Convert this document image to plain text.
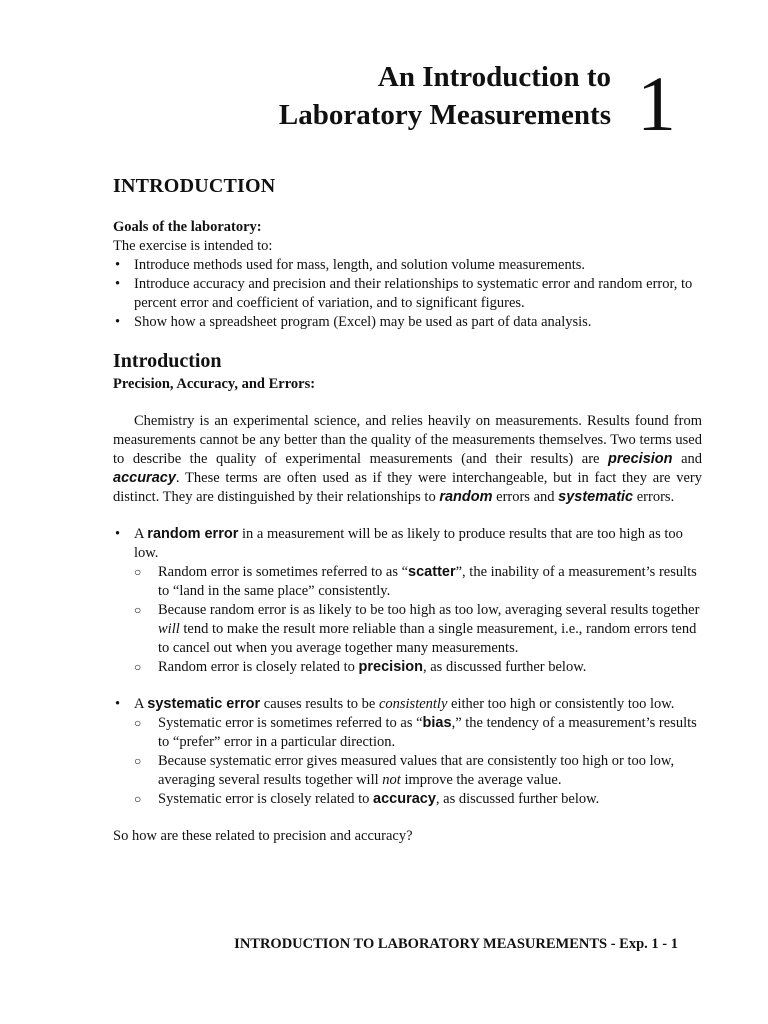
An Introduction to
Laboratory Measurements 1
INTRODUCTION
Goals of the laboratory:
The exercise is intended to:
• Introduce methods used for mass, length, and solution volume measurements.
• Introduce accuracy and precision and their relationships to systematic error and random error, to percent error and coefficient of variation, and to significant figures.
• Show how a spreadsheet program (Excel) may be used as part of data analysis.
Introduction
Precision, Accuracy, and Errors:

Chemistry is an experimental science, and relies heavily on measurements. Results found from measurements cannot be any better than the quality of the measurements themselves. Two terms used to describe the quality of experimental measurements (and their results) are precision and accuracy. These terms are often used as if they were interchangeable, but in fact they are very distinct. They are distinguished by their relationships to random errors and systematic errors.

• A random error in a measurement will be as likely to produce results that are too high as too low.
○ Random error is sometimes referred to as “scatter”, the inability of a measurement’s results to “land in the same place” consistently.
○ Because random error is as likely to be too high as too low, averaging several results together will tend to make the result more reliable than a single measurement, i.e., random errors tend to cancel out when you average together many measurements.
○ Random error is closely related to precision, as discussed further below.
• A systematic error causes results to be consistently either too high or consistently too low.
○ Systematic error is sometimes referred to as “bias,” the tendency of a measurement’s results to “prefer” error in a particular direction.
○ Because systematic error gives measured values that are consistently too high or too low, averaging several results together will not improve the average value.
○ Systematic error is closely related to accuracy, as discussed further below.
So how are these related to precision and accuracy?
INTRODUCTION TO LABORATORY MEASUREMENTS - Exp. 1 - 1
